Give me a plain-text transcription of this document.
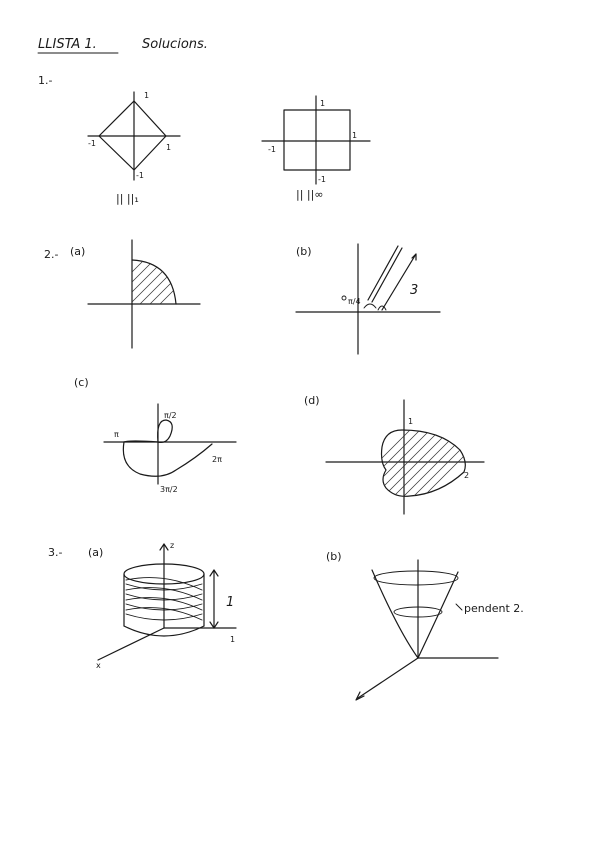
LLISTA 1.	Solucions.
1.-
1
-1	1
-1
|| ||₁
1
-1
1
-1
|| ||∞
2.- (a)	(b)
π/4
3
(c)
π/2
π
2π
3π/2
(d)
1
2
3.- (a)
z
1
1
x
(b)
pendent 2.
